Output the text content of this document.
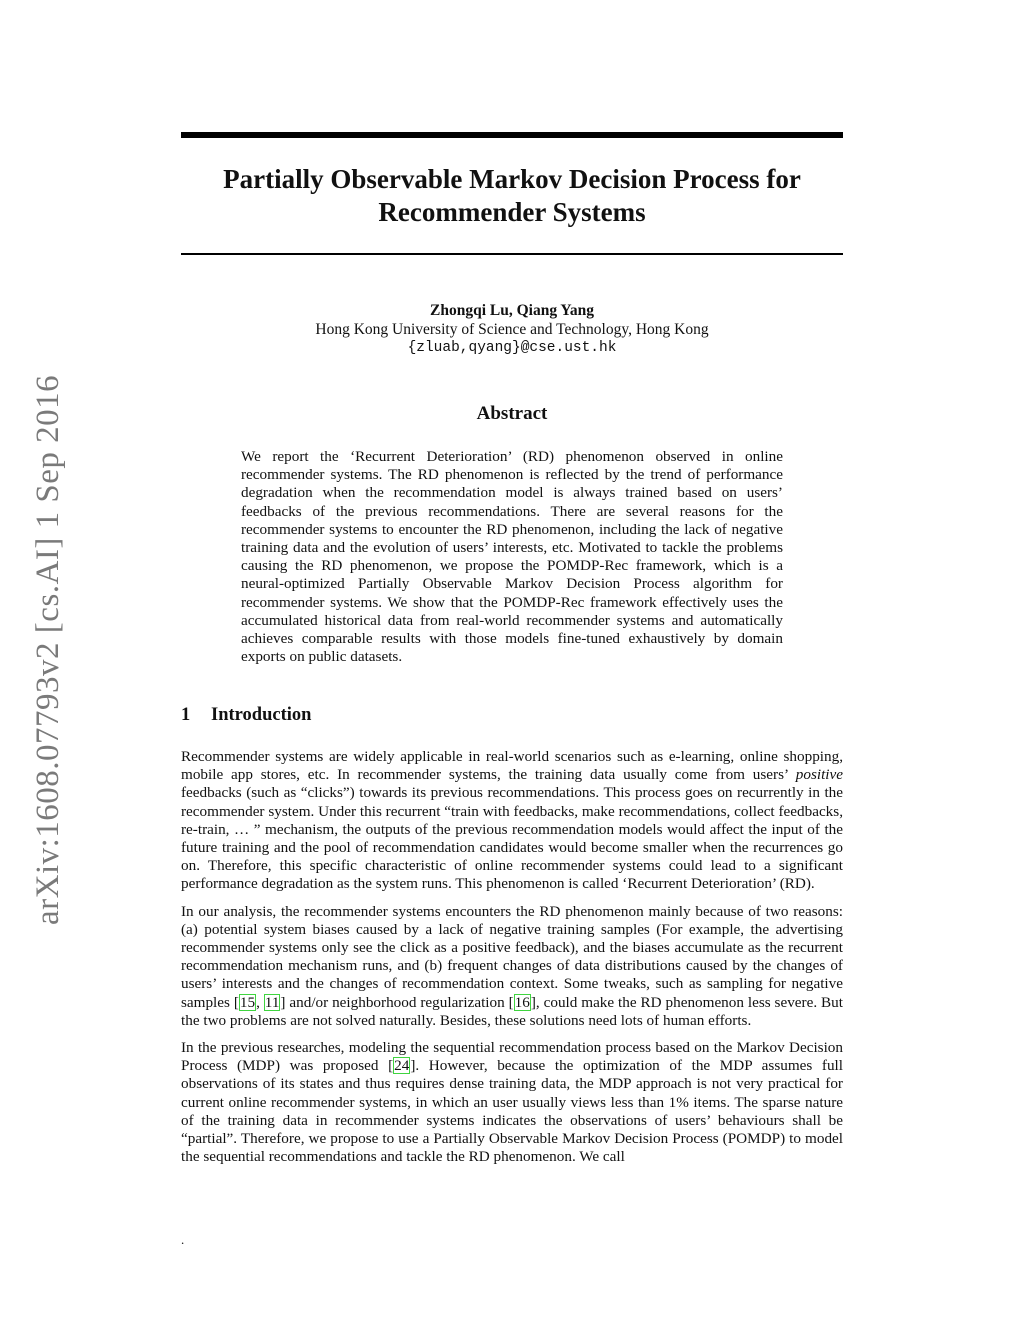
arXiv:1608.07793v2 [cs.AI] 1 Sep 2016
Partially Observable Markov Decision Process for
Recommender Systems
Zhongqi Lu, Qiang Yang
Hong Kong University of Science and Technology, Hong Kong
{zluab,qyang}@cse.ust.hk
Abstract
We report the ‘Recurrent Deterioration’ (RD) phenomenon observed in online recommender systems. The RD phenomenon is reflected by the trend of performance degradation when the recommendation model is always trained based on users’ feedbacks of the previous recommendations. There are several reasons for the recommender systems to encounter the RD phenomenon, including the lack of negative training data and the evolution of users’ interests, etc. Motivated to tackle the problems causing the RD phenomenon, we propose the POMDP-Rec framework, which is a neural-optimized Partially Observable Markov Decision Process algorithm for recommender systems. We show that the POMDP-Rec framework effectively uses the accumulated historical data from real-world recommender systems and automatically achieves comparable results with those models fine-tuned exhaustively by domain exports on public datasets.
1 Introduction

Recommender systems are widely applicable in real-world scenarios such as e-learning, online shopping, mobile app stores, etc. In recommender systems, the training data usually come from users’ positive feedbacks (such as “clicks”) towards its previous recommendations. This process goes on recurrently in the recommender system. Under this recurrent “train with feedbacks, make recommendations, collect feedbacks, re-train, … ” mechanism, the outputs of the previous recommendation models would affect the input of the future training and the pool of recommendation candidates would become smaller when the recurrences go on. Therefore, this specific characteristic of online recommender systems could lead to a significant performance degradation as the system runs. This phenomenon is called ‘Recurrent Deterioration’ (RD).

In our analysis, the recommender systems encounters the RD phenomenon mainly because of two reasons: (a) potential system biases caused by a lack of negative training samples (For example, the advertising recommender systems only see the click as a positive feedback), and the biases accumulate as the recurrent recommendation mechanism runs, and (b) frequent changes of data distributions caused by the changes of users’ interests and the changes of recommendation context. Some tweaks, such as sampling for negative samples [15, 11] and/or neighborhood regularization [16], could make the RD phenomenon less severe. But the two problems are not solved naturally. Besides, these solutions need lots of human efforts.

In the previous researches, modeling the sequential recommendation process based on the Markov Decision Process (MDP) was proposed [24]. However, because the optimization of the MDP assumes full observations of its states and thus requires dense training data, the MDP approach is not very practical for current online recommender systems, in which an user usually views less than 1% items. The sparse nature of the training data in recommender systems indicates the observations of users’ behaviours shall be “partial”. Therefore, we propose to use a Partially Observable Markov Decision Process (POMDP) to model the sequential recommendations and tackle the RD phenomenon. We call

.
